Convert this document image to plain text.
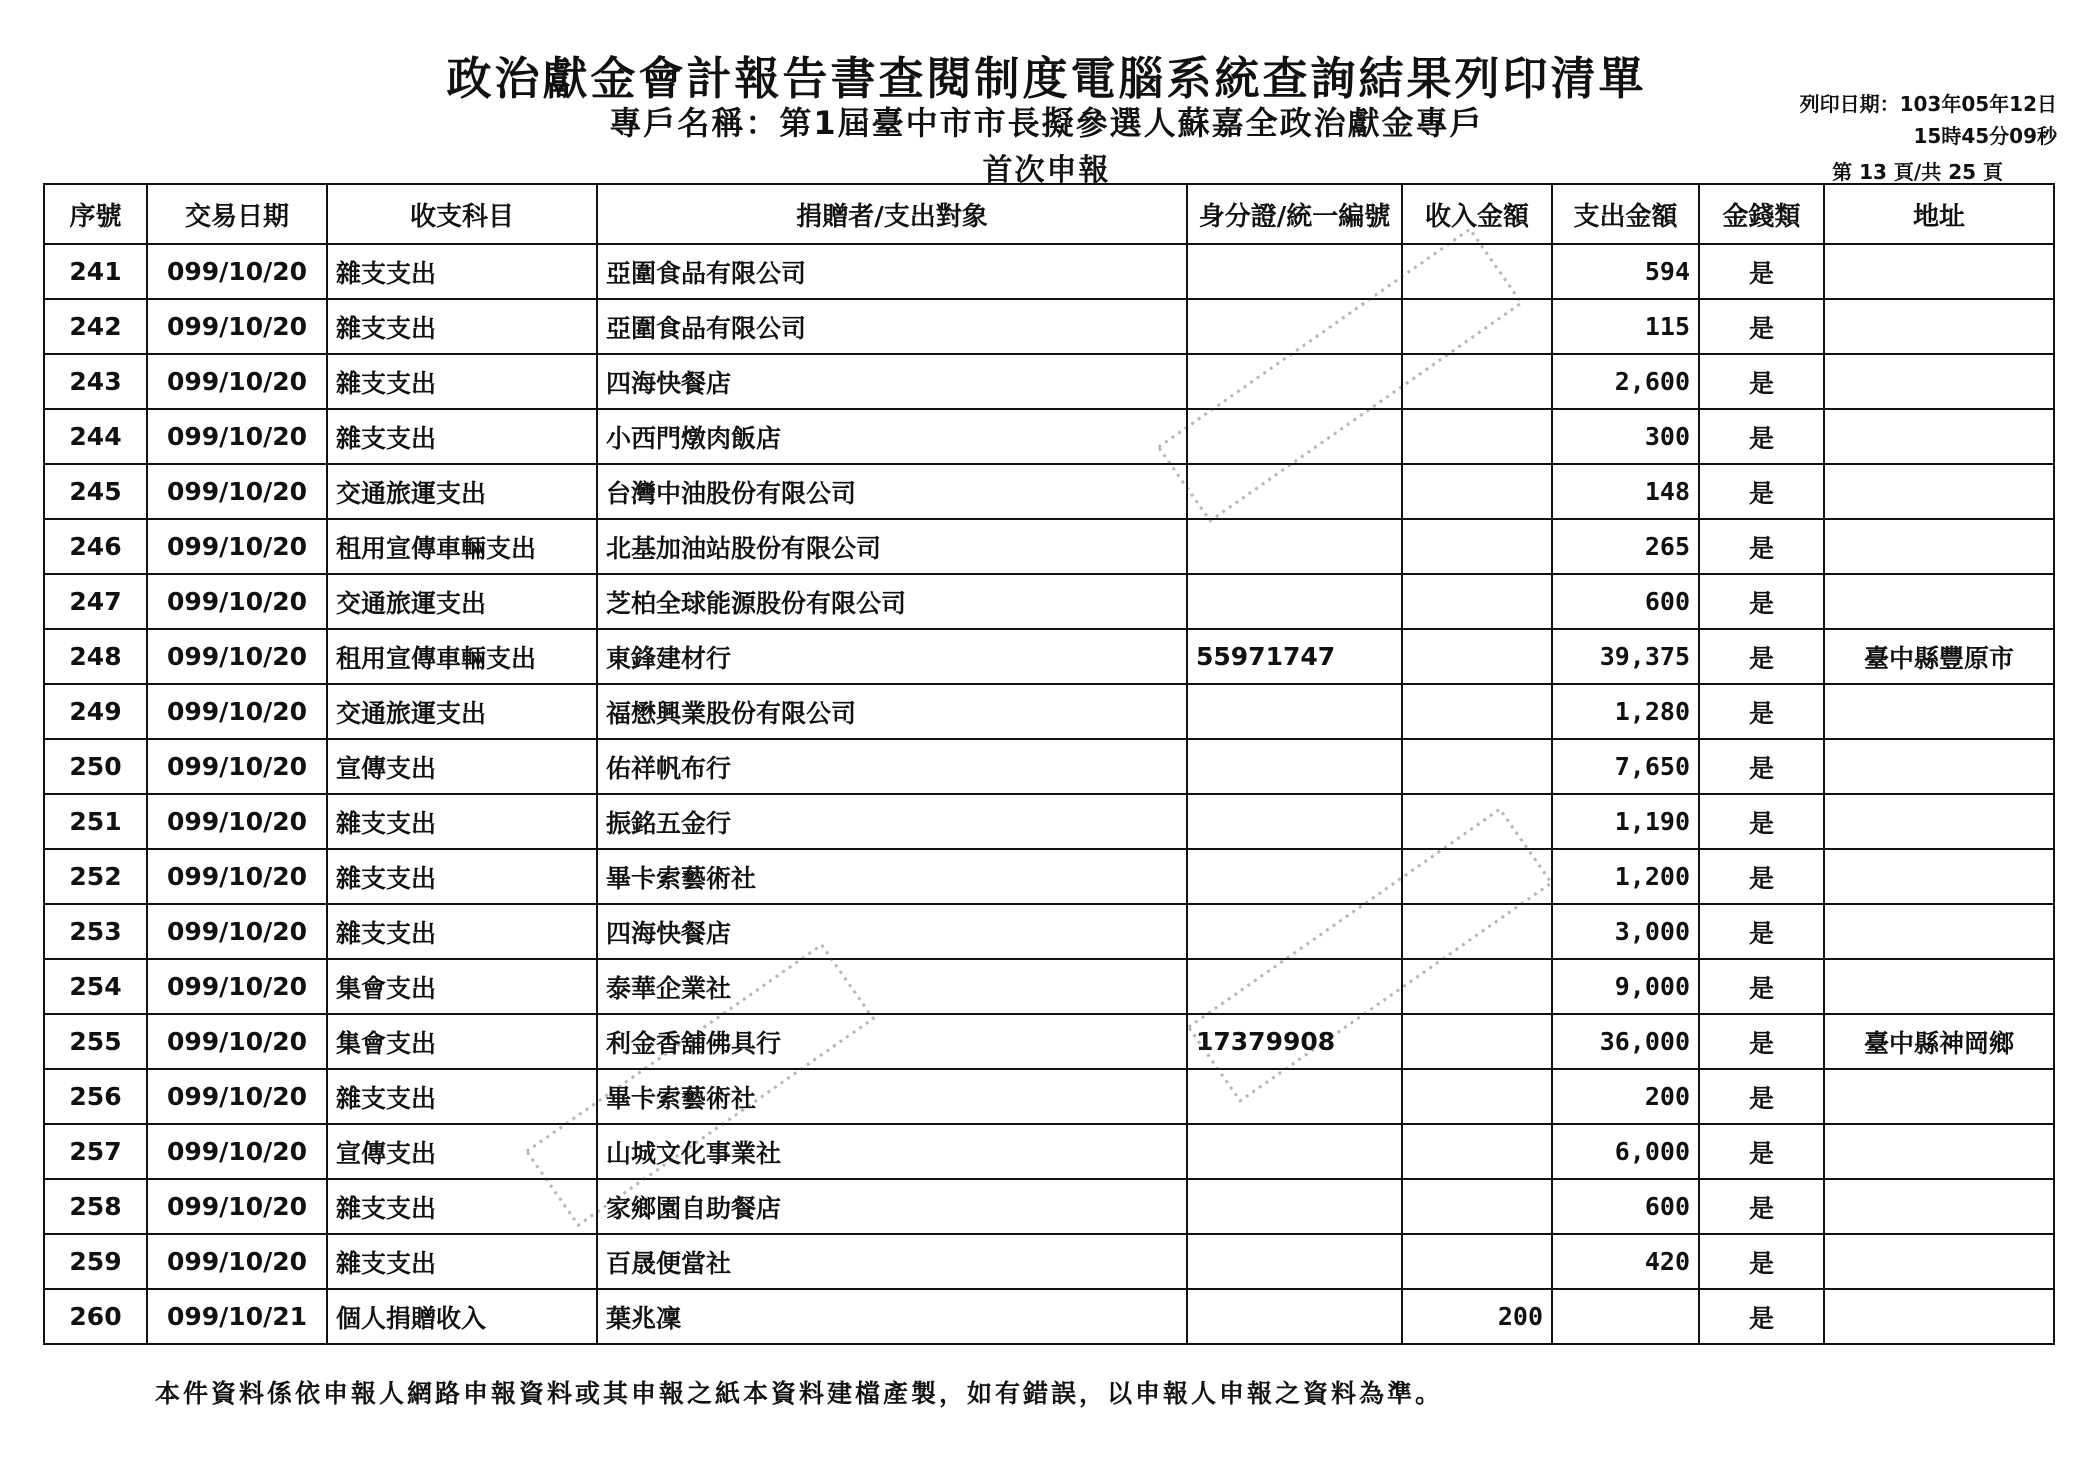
政治獻金會計報告書查閱制度電腦系統查詢結果列印清單
專戶名稱：第1屆臺中市市長擬參選人蘇嘉全政治獻金專戶
首次申報
列印日期：103年05年12日
15時45分09秒
第 13 頁/共 25 頁
序號	交易日期	收支科目	捐贈者/支出對象	身分證/統一編號	收入金額	支出金額	金錢類	地址
241	099/10/20	雜支支出	亞圍食品有限公司			594	是	
242	099/10/20	雜支支出	亞圍食品有限公司			115	是	
243	099/10/20	雜支支出	四海快餐店			2,600	是	
244	099/10/20	雜支支出	小西門燉肉飯店			300	是	
245	099/10/20	交通旅運支出	台灣中油股份有限公司			148	是	
246	099/10/20	租用宣傳車輛支出	北基加油站股份有限公司			265	是	
247	099/10/20	交通旅運支出	芝柏全球能源股份有限公司			600	是	
248	099/10/20	租用宣傳車輛支出	東鋒建材行	55971747		39,375	是	臺中縣豐原市
249	099/10/20	交通旅運支出	福懋興業股份有限公司			1,280	是	
250	099/10/20	宣傳支出	佑祥帆布行			7,650	是	
251	099/10/20	雜支支出	振銘五金行			1,190	是	
252	099/10/20	雜支支出	畢卡索藝術社			1,200	是	
253	099/10/20	雜支支出	四海快餐店			3,000	是	
254	099/10/20	集會支出	泰華企業社			9,000	是	
255	099/10/20	集會支出	利金香舖佛具行	17379908		36,000	是	臺中縣神岡鄉
256	099/10/20	雜支支出	畢卡索藝術社			200	是	
257	099/10/20	宣傳支出	山城文化事業社			6,000	是	
258	099/10/20	雜支支出	家鄉園自助餐店			600	是	
259	099/10/20	雜支支出	百晟便當社			420	是	
260	099/10/21	個人捐贈收入	葉兆凜		200		是	
本件資料係依申報人網路申報資料或其申報之紙本資料建檔產製，如有錯誤，以申報人申報之資料為準。
